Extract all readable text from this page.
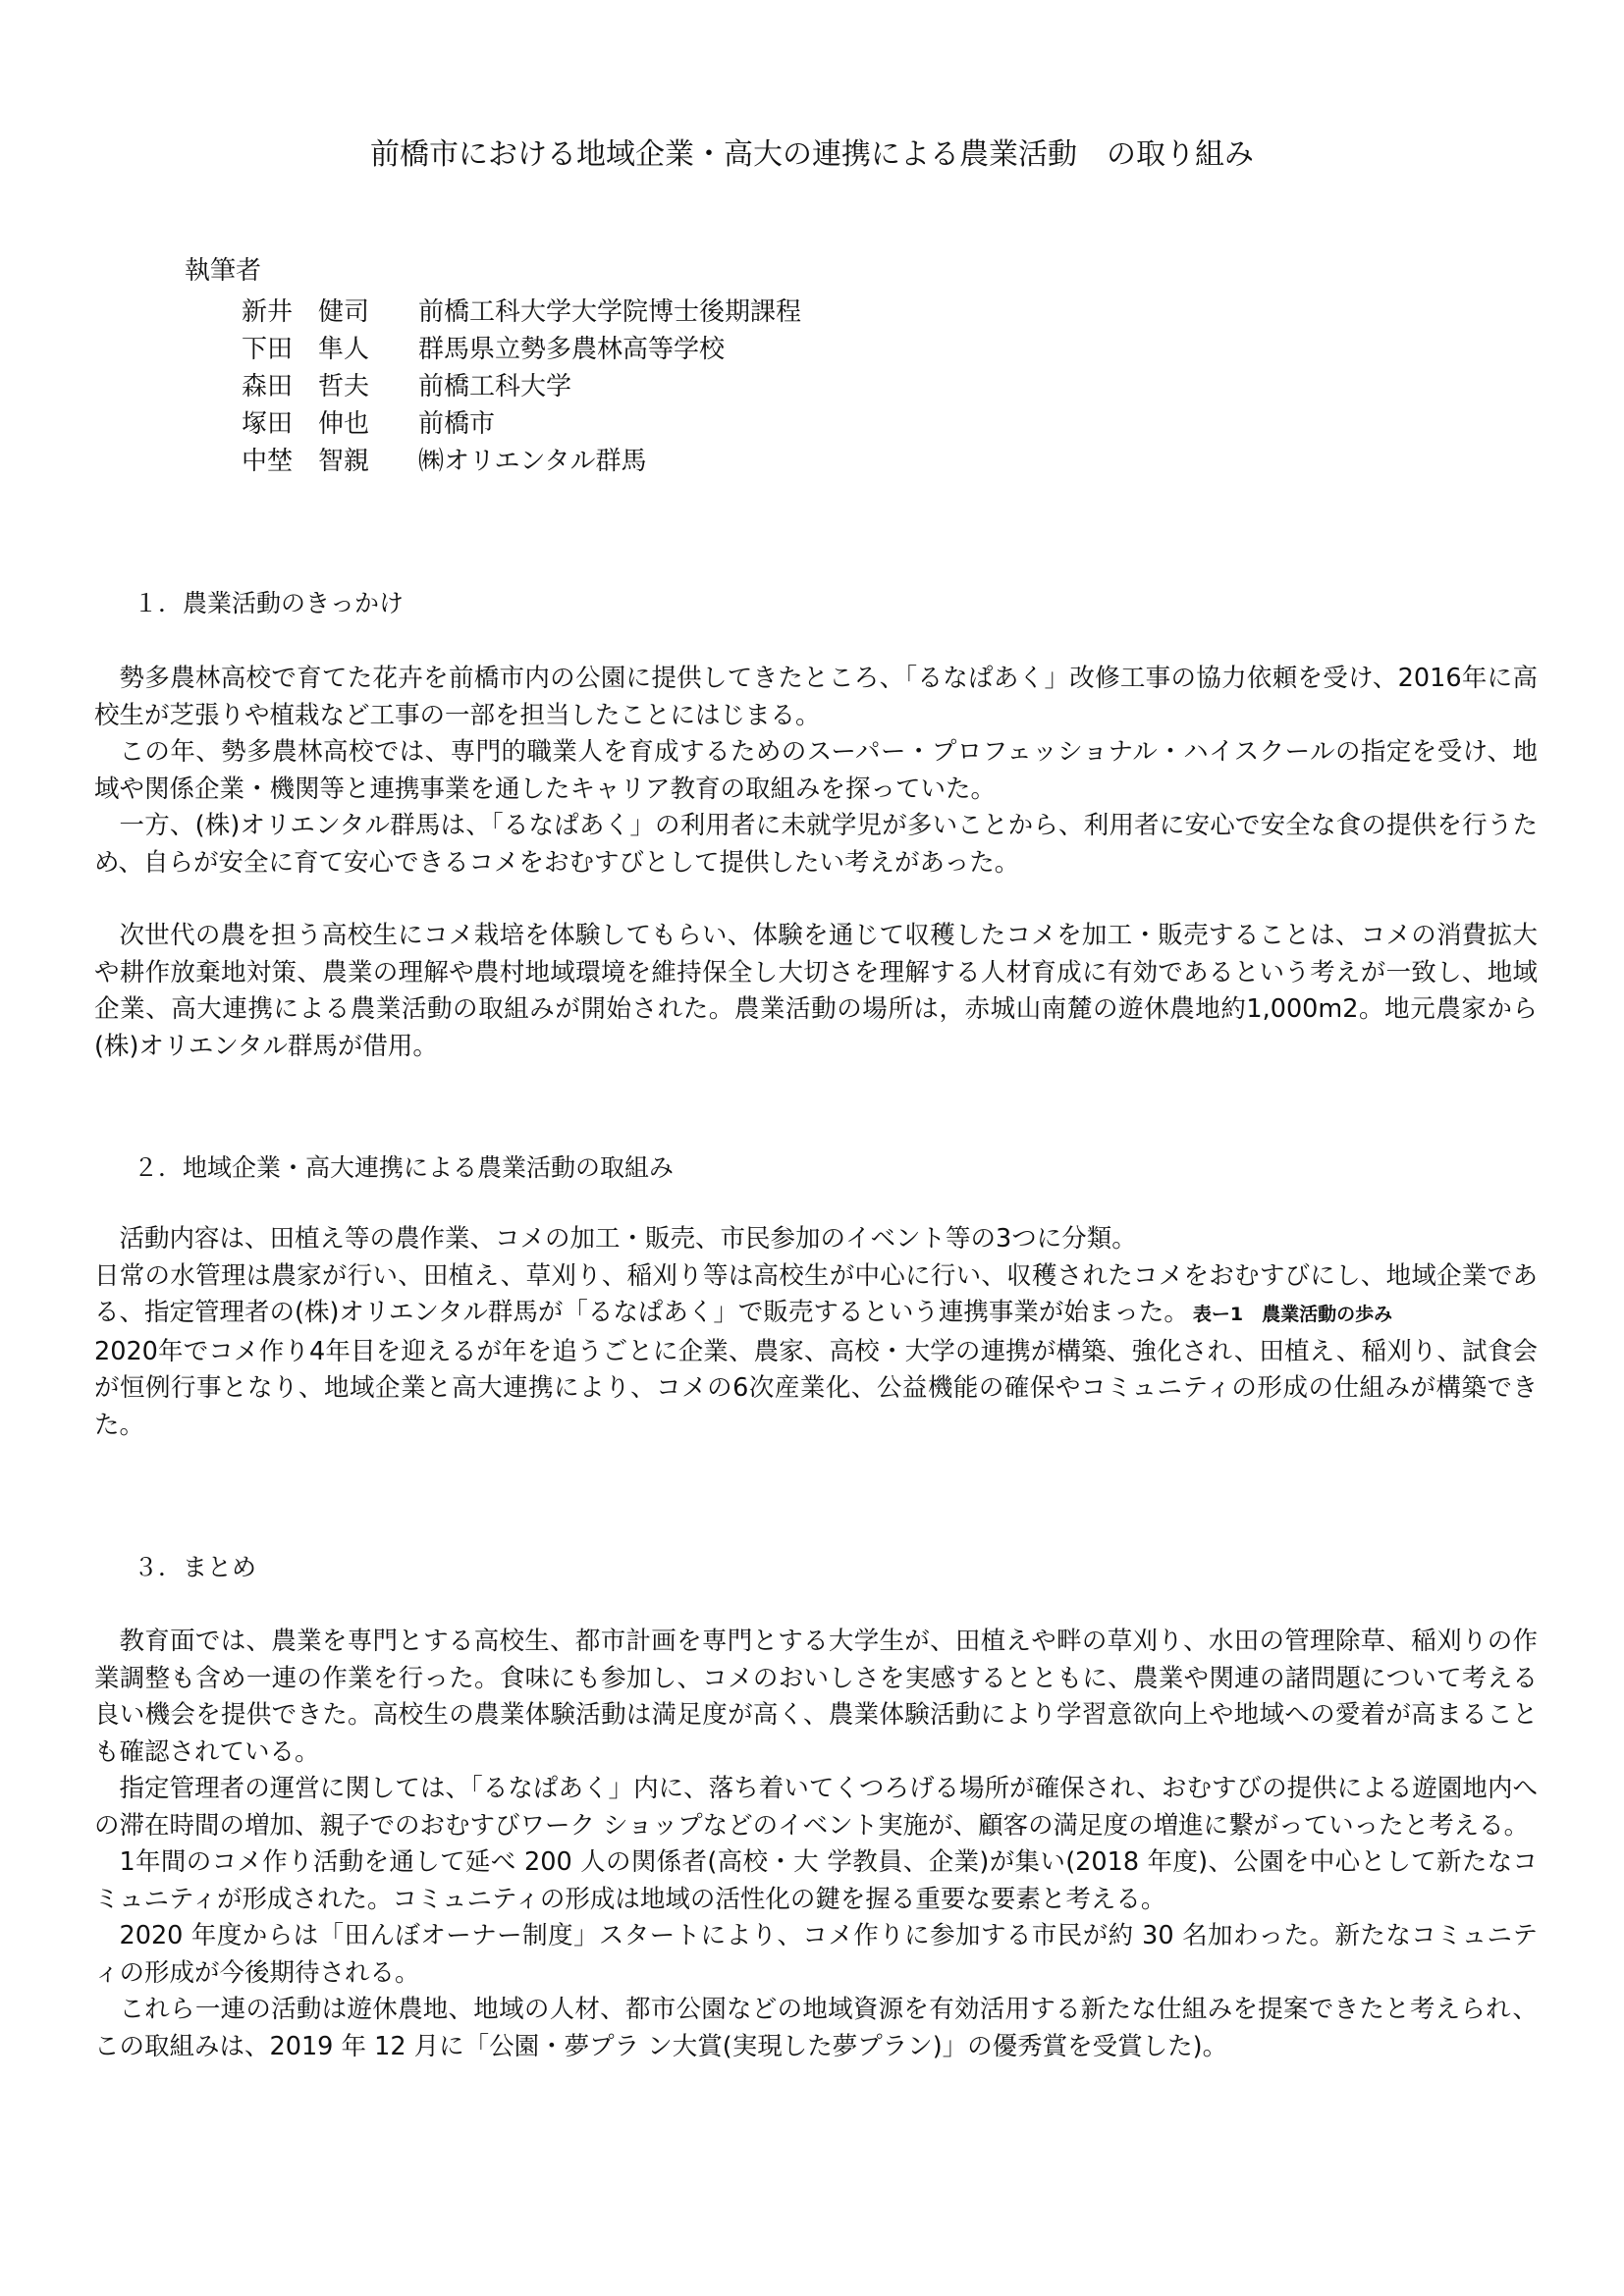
前橋市における地域企業・高大の連携による農業活動　の取り組み
執筆者
新井　健司	前橋工科大学大学院博士後期課程
下田　隼人	群馬県立勢多農林高等学校
森田　哲夫	前橋工科大学
塚田　伸也	前橋市
中埜　智親	㈱オリエンタル群馬
１．農業活動のきっかけ

勢多農林高校で育てた花卉を前橋市内の公園に提供してきたところ、「るなぱあく」改修工事の協力依頼を受け、2016年に高校生が芝張りや植栽など工事の一部を担当したことにはじまる。

この年、勢多農林高校では、専門的職業人を育成するためのスーパー・プロフェッショナル・ハイスクールの指定を受け、地域や関係企業・機関等と連携事業を通したキャリア教育の取組みを探っていた。

一方、(株)オリエンタル群馬は、「るなぱあく」の利用者に未就学児が多いことから、利用者に安心で安全な食の提供を行うため、自らが安全に育て安心できるコメをおむすびとして提供したい考えがあった。

次世代の農を担う高校生にコメ栽培を体験してもらい、体験を通じて収穫したコメを加工・販売することは、コメの消費拡大や耕作放棄地対策、農業の理解や農村地域環境を維持保全し大切さを理解する人材育成に有効であるという考えが一致し、地域企業、高大連携による農業活動の取組みが開始された。農業活動の場所は，赤城山南麓の遊休農地約1,000m2。地元農家から(株)オリエンタル群馬が借用。

２．地域企業・高大連携による農業活動の取組み

活動内容は、田植え等の農作業、コメの加工・販売、市民参加のイベント等の3つに分類。

日常の水管理は農家が行い、田植え、草刈り、稲刈り等は高校生が中心に行い、収穫されたコメをおむすびにし、地域企業である、指定管理者の(株)オリエンタル群馬が「るなぱあく」で販売するという連携事業が始まった。 表ー1　農業活動の歩み

2020年でコメ作り4年目を迎えるが年を追うごとに企業、農家、高校・大学の連携が構築、強化され、田植え、稲刈り、試食会が恒例行事となり、地域企業と高大連携により、コメの6次産業化、公益機能の確保やコミュニティの形成の仕組みが構築できた。

３．まとめ

教育面では、農業を専門とする高校生、都市計画を専門とする大学生が、田植えや畔の草刈り、水田の管理除草、稲刈りの作業調整も含め一連の作業を行った。食味にも参加し、コメのおいしさを実感するとともに、農業や関連の諸問題について考える良い機会を提供できた。高校生の農業体験活動は満足度が高く、農業体験活動により学習意欲向上や地域への愛着が高まることも確認されている。

指定管理者の運営に関しては、「るなぱあく」内に、落ち着いてくつろげる場所が確保され、おむすびの提供による遊園地内への滞在時間の増加、親子でのおむすびワーク ショップなどのイベント実施が、顧客の満足度の増進に繋がっていったと考える。

1年間のコメ作り活動を通して延べ 200 人の関係者(高校・大 学教員、企業)が集い(2018 年度)、公園を中心として新たなコミュニティが形成された。コミュニティの形成は地域の活性化の鍵を握る重要な要素と考える。

2020 年度からは「田んぼオーナー制度」スタートにより、コメ作りに参加する市民が約 30 名加わった。新たなコミュニティの形成が今後期待される。

これら一連の活動は遊休農地、地域の人材、都市公園などの地域資源を有効活用する新たな仕組みを提案できたと考えられ、この取組みは、2019 年 12 月に「公園・夢プラ ン大賞(実現した夢プラン)」の優秀賞を受賞した)。
